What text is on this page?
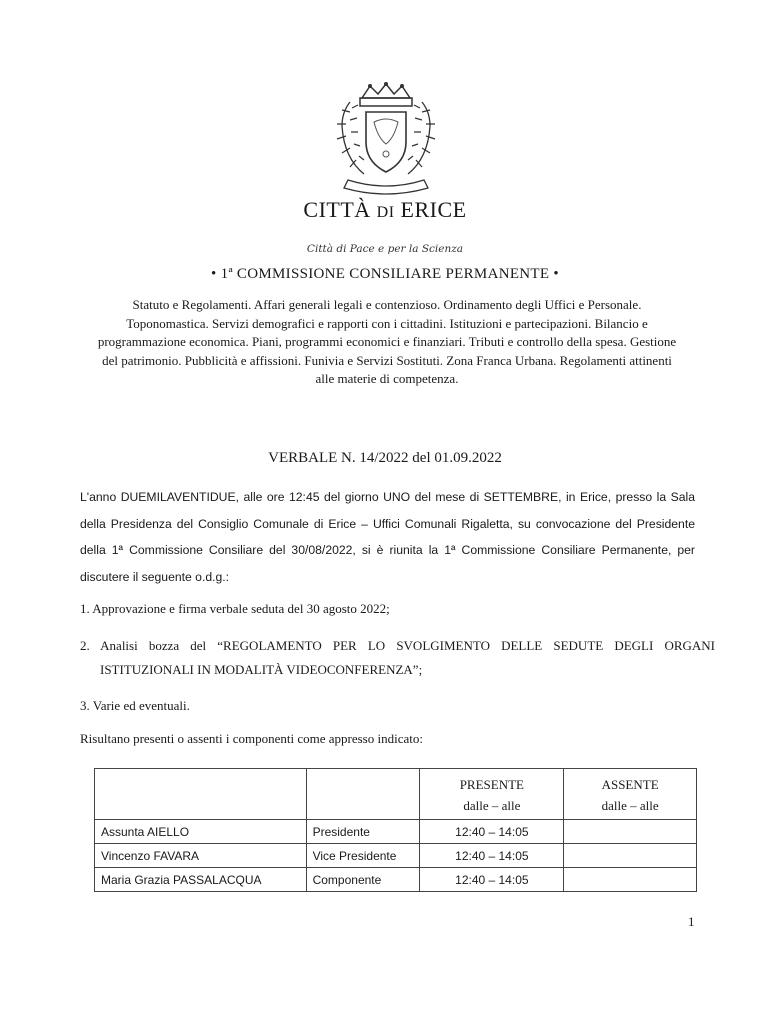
CITTÀ DI ERICE
Città di Pace e per la Scienza
• 1ª COMMISSIONE CONSILIARE PERMANENTE •
Statuto e Regolamenti. Affari generali legali e contenzioso. Ordinamento degli Uffici e Personale. Toponomastica. Servizi demografici e rapporti con i cittadini. Istituzioni e partecipazioni. Bilancio e programmazione economica. Piani, programmi economici e finanziari. Tributi e controllo della spesa. Gestione del patrimonio. Pubblicità e affissioni. Funivia e Servizi Sostituti. Zona Franca Urbana. Regolamenti attinenti alle materie di competenza.
VERBALE N. 14/2022 del 01.09.2022
L'anno DUEMILAVENTIDUE, alle ore 12:45 del giorno UNO del mese di SETTEMBRE, in Erice, presso la Sala della Presidenza del Consiglio Comunale di Erice – Uffici Comunali Rigaletta, su convocazione del Presidente della 1ª Commissione Consiliare del 30/08/2022, si è riunita la 1ª Commissione Consiliare Permanente, per discutere il seguente o.d.g.:
1. Approvazione e firma verbale seduta del 30 agosto 2022;
2. Analisi bozza del “REGOLAMENTO PER LO SVOLGIMENTO DELLE SEDUTE DEGLI ORGANI ISTITUZIONALI IN MODALITÀ VIDEOCONFERENZA”;
3. Varie ed eventuali.
Risultano presenti o assenti i componenti come appresso indicato:
		PRESENTE	ASSENTE
		dalle – alle	dalle – alle
Assunta AIELLO	Presidente	12:40 – 14:05	
Vincenzo FAVARA	Vice Presidente	12:40 – 14:05	
Maria Grazia PASSALACQUA	Componente	12:40 – 14:05	
1
